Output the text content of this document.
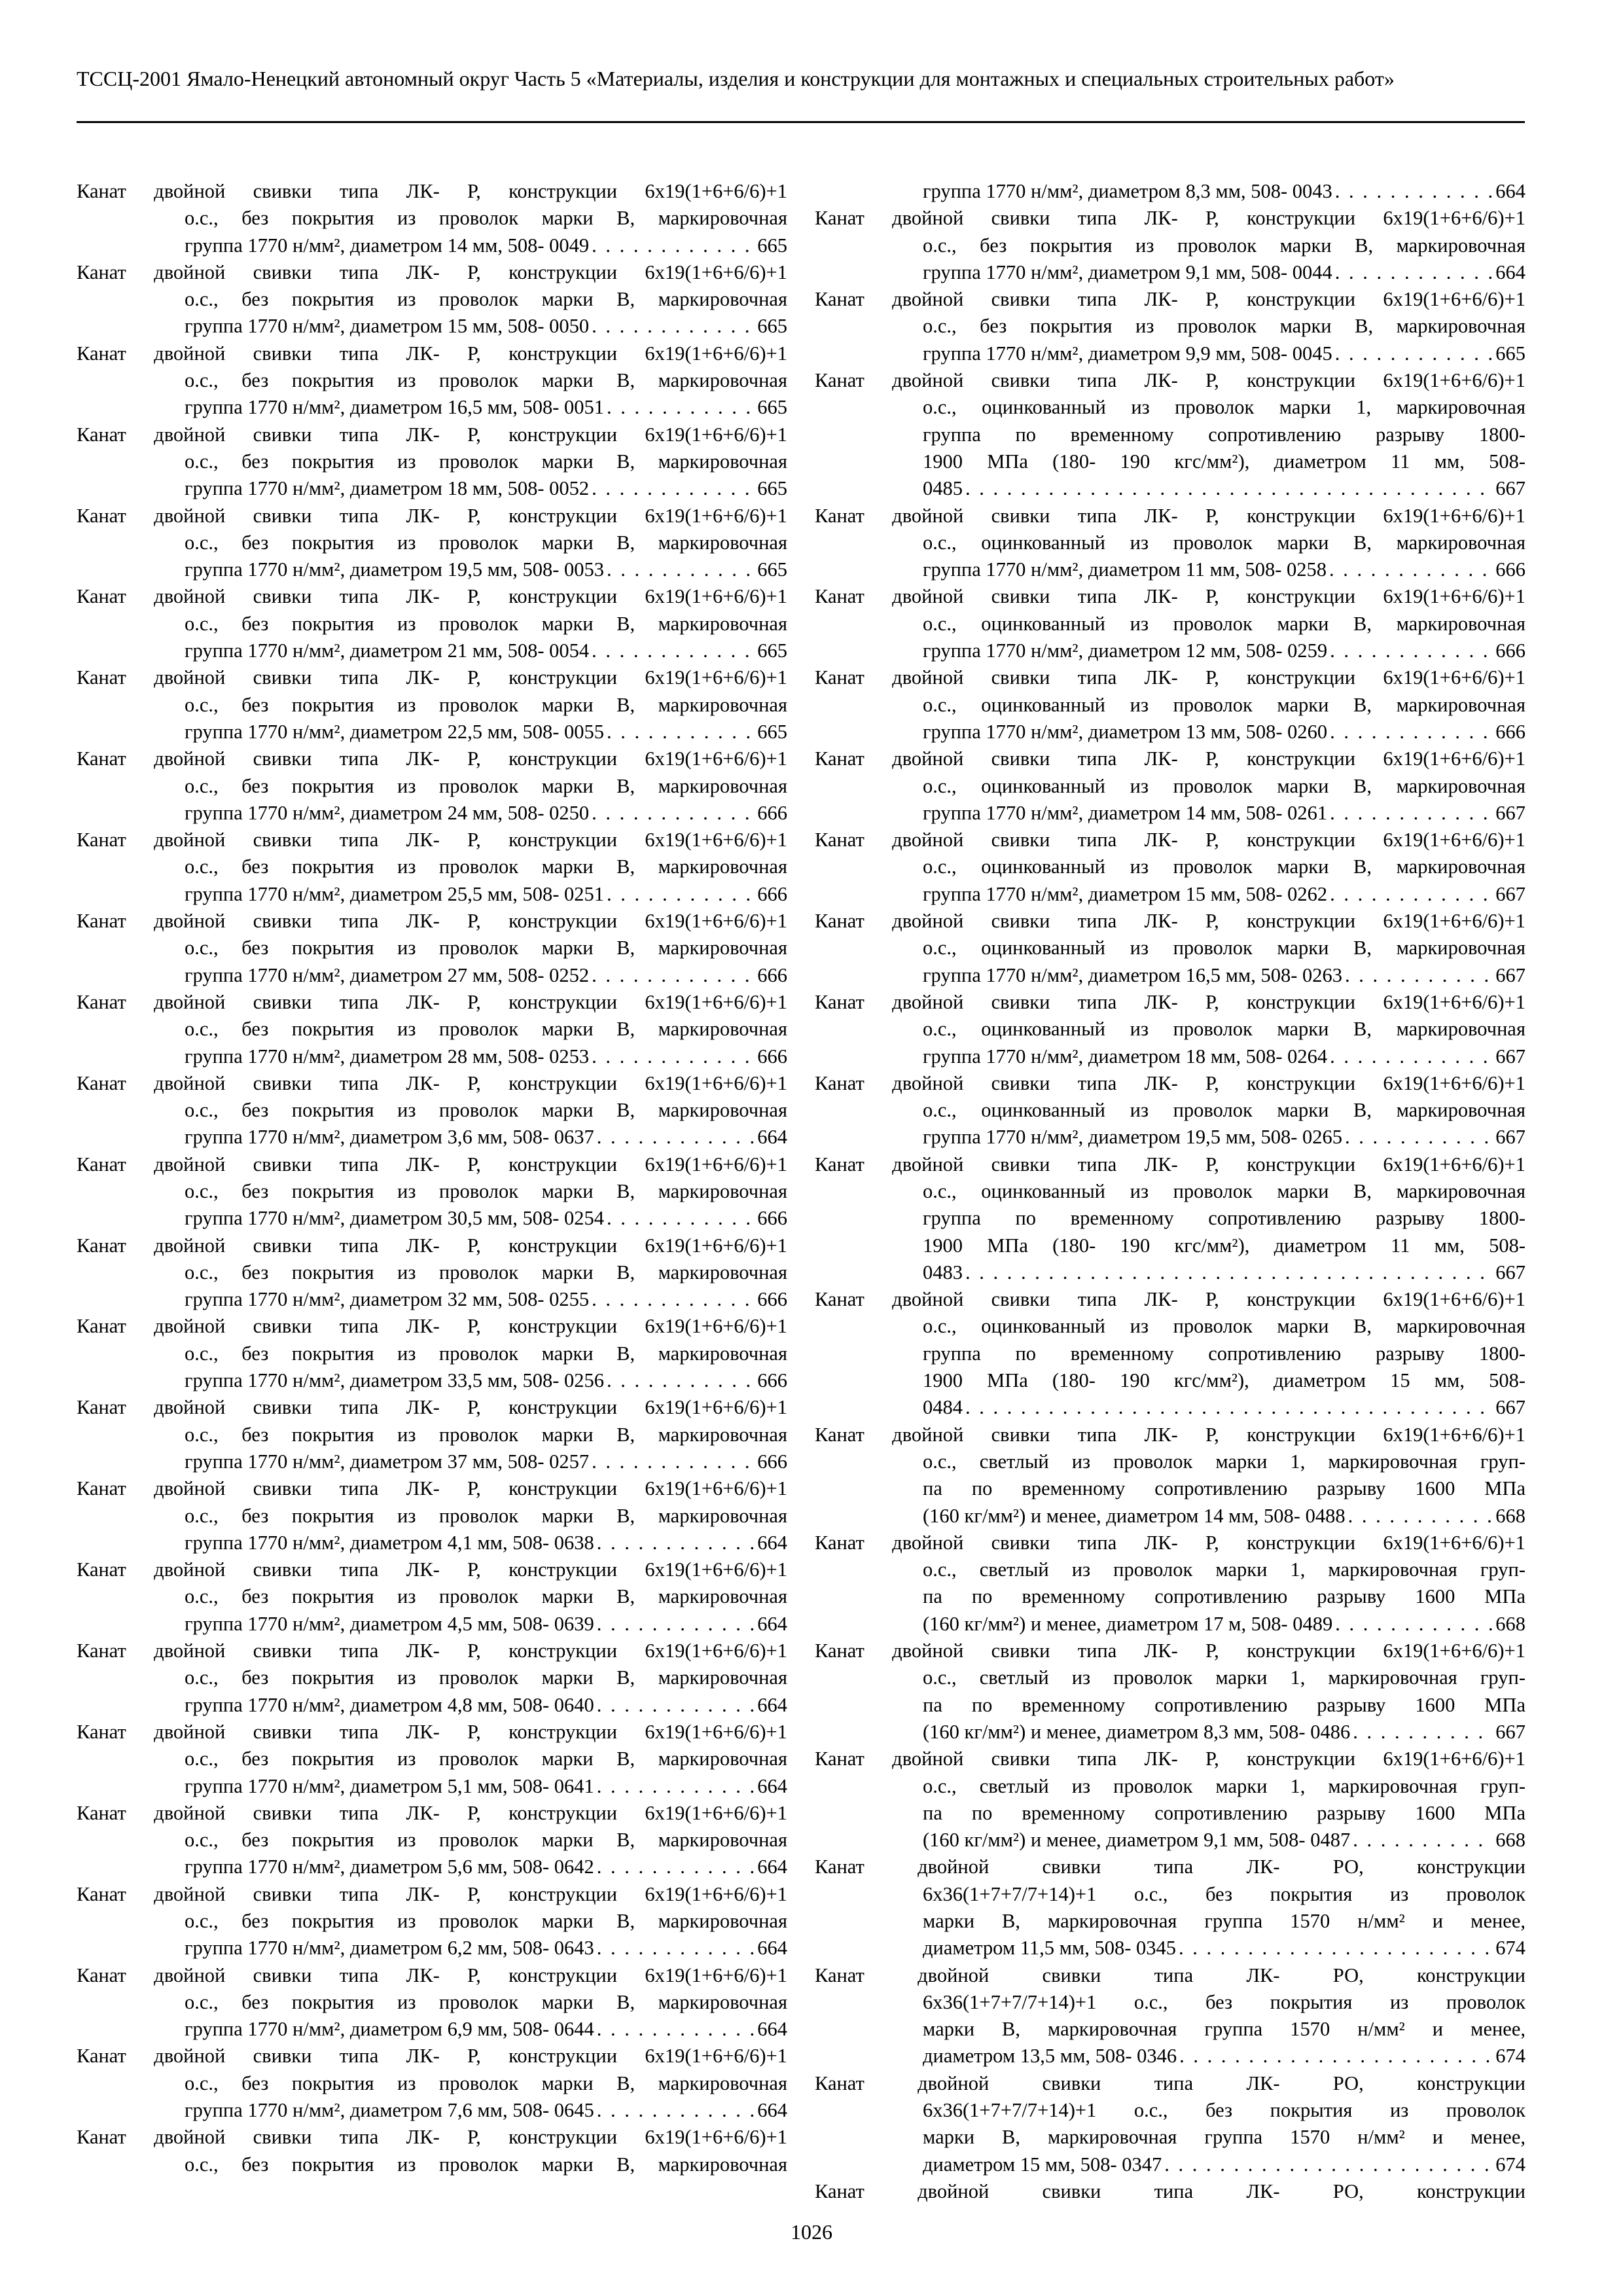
ТССЦ-2001 Ямало-Ненецкий автономный округ Часть 5 «Материалы, изделия и конструкции для монтажных и специальных строительных работ»
Канат двойной свивки типа ЛК- Р, конструкции 6х19(1+6+6/6)+1
о.с., без покрытия из проволок марки В, маркировочная
группа 1770 н/мм², диаметром 14 мм, 508- 0049 . . .	665
Канат двойной свивки типа ЛК- Р, конструкции 6х19(1+6+6/6)+1
о.с., без покрытия из проволок марки В, маркировочная
группа 1770 н/мм², диаметром 15 мм, 508- 0050 . . .	665
Канат двойной свивки типа ЛК- Р, конструкции 6х19(1+6+6/6)+1
о.с., без покрытия из проволок марки В, маркировочная
группа 1770 н/мм², диаметром 16,5 мм, 508- 0051 . . .	665
Канат двойной свивки типа ЛК- Р, конструкции 6х19(1+6+6/6)+1
о.с., без покрытия из проволок марки В, маркировочная
группа 1770 н/мм², диаметром 18 мм, 508- 0052 . . .	665
Канат двойной свивки типа ЛК- Р, конструкции 6х19(1+6+6/6)+1
о.с., без покрытия из проволок марки В, маркировочная
группа 1770 н/мм², диаметром 19,5 мм, 508- 0053 . . .	665
Канат двойной свивки типа ЛК- Р, конструкции 6х19(1+6+6/6)+1
о.с., без покрытия из проволок марки В, маркировочная
группа 1770 н/мм², диаметром 21 мм, 508- 0054 . . .	665
Канат двойной свивки типа ЛК- Р, конструкции 6х19(1+6+6/6)+1
о.с., без покрытия из проволок марки В, маркировочная
группа 1770 н/мм², диаметром 22,5 мм, 508- 0055 . . .	665
Канат двойной свивки типа ЛК- Р, конструкции 6х19(1+6+6/6)+1
о.с., без покрытия из проволок марки В, маркировочная
группа 1770 н/мм², диаметром 24 мм, 508- 0250 . . .	666
Канат двойной свивки типа ЛК- Р, конструкции 6х19(1+6+6/6)+1
о.с., без покрытия из проволок марки В, маркировочная
группа 1770 н/мм², диаметром 25,5 мм, 508- 0251 . . .	666
Канат двойной свивки типа ЛК- Р, конструкции 6х19(1+6+6/6)+1
о.с., без покрытия из проволок марки В, маркировочная
группа 1770 н/мм², диаметром 27 мм, 508- 0252 . . .	666
Канат двойной свивки типа ЛК- Р, конструкции 6х19(1+6+6/6)+1
о.с., без покрытия из проволок марки В, маркировочная
группа 1770 н/мм², диаметром 28 мм, 508- 0253 . . .	666
Канат двойной свивки типа ЛК- Р, конструкции 6х19(1+6+6/6)+1
о.с., без покрытия из проволок марки В, маркировочная
группа 1770 н/мм², диаметром 3,6 мм, 508- 0637 . . .	664
Канат двойной свивки типа ЛК- Р, конструкции 6х19(1+6+6/6)+1
о.с., без покрытия из проволок марки В, маркировочная
группа 1770 н/мм², диаметром 30,5 мм, 508- 0254 . . .	666
Канат двойной свивки типа ЛК- Р, конструкции 6х19(1+6+6/6)+1
о.с., без покрытия из проволок марки В, маркировочная
группа 1770 н/мм², диаметром 32 мм, 508- 0255 . . .	666
Канат двойной свивки типа ЛК- Р, конструкции 6х19(1+6+6/6)+1
о.с., без покрытия из проволок марки В, маркировочная
группа 1770 н/мм², диаметром 33,5 мм, 508- 0256 . . .	666
Канат двойной свивки типа ЛК- Р, конструкции 6х19(1+6+6/6)+1
о.с., без покрытия из проволок марки В, маркировочная
группа 1770 н/мм², диаметром 37 мм, 508- 0257 . . .	666
Канат двойной свивки типа ЛК- Р, конструкции 6х19(1+6+6/6)+1
о.с., без покрытия из проволок марки В, маркировочная
группа 1770 н/мм², диаметром 4,1 мм, 508- 0638 . . .	664
Канат двойной свивки типа ЛК- Р, конструкции 6х19(1+6+6/6)+1
о.с., без покрытия из проволок марки В, маркировочная
группа 1770 н/мм², диаметром 4,5 мм, 508- 0639 . . .	664
Канат двойной свивки типа ЛК- Р, конструкции 6х19(1+6+6/6)+1
о.с., без покрытия из проволок марки В, маркировочная
группа 1770 н/мм², диаметром 4,8 мм, 508- 0640 . . .	664
Канат двойной свивки типа ЛК- Р, конструкции 6х19(1+6+6/6)+1
о.с., без покрытия из проволок марки В, маркировочная
группа 1770 н/мм², диаметром 5,1 мм, 508- 0641 . . .	664
Канат двойной свивки типа ЛК- Р, конструкции 6х19(1+6+6/6)+1
о.с., без покрытия из проволок марки В, маркировочная
группа 1770 н/мм², диаметром 5,6 мм, 508- 0642 . . .	664
Канат двойной свивки типа ЛК- Р, конструкции 6х19(1+6+6/6)+1
о.с., без покрытия из проволок марки В, маркировочная
группа 1770 н/мм², диаметром 6,2 мм, 508- 0643 . . .	664
Канат двойной свивки типа ЛК- Р, конструкции 6х19(1+6+6/6)+1
о.с., без покрытия из проволок марки В, маркировочная
группа 1770 н/мм², диаметром 6,9 мм, 508- 0644 . . .	664
Канат двойной свивки типа ЛК- Р, конструкции 6х19(1+6+6/6)+1
о.с., без покрытия из проволок марки В, маркировочная
группа 1770 н/мм², диаметром 7,6 мм, 508- 0645 . . .	664
Канат двойной свивки типа ЛК- Р, конструкции 6х19(1+6+6/6)+1
о.с., без покрытия из проволок марки В, маркировочная
группа 1770 н/мм², диаметром 8,3 мм, 508- 0043 . . .	664
Канат двойной свивки типа ЛК- Р, конструкции 6х19(1+6+6/6)+1
о.с., без покрытия из проволок марки В, маркировочная
группа 1770 н/мм², диаметром 9,1 мм, 508- 0044 . . .	664
Канат двойной свивки типа ЛК- Р, конструкции 6х19(1+6+6/6)+1
о.с., без покрытия из проволок марки В, маркировочная
группа 1770 н/мм², диаметром 9,9 мм, 508- 0045 . . .	665
Канат двойной свивки типа ЛК- Р, конструкции 6х19(1+6+6/6)+1
о.с., оцинкованный из проволок марки 1, маркировочная
группа по временному сопротивлению разрыву 1800-
1900 МПа (180- 190 кгс/мм²), диаметром 11 мм, 508-
0485 . . .	667
Канат двойной свивки типа ЛК- Р, конструкции 6х19(1+6+6/6)+1
о.с., оцинкованный из проволок марки В, маркировочная
группа 1770 н/мм², диаметром 11 мм, 508- 0258 . . .	666
Канат двойной свивки типа ЛК- Р, конструкции 6х19(1+6+6/6)+1
о.с., оцинкованный из проволок марки В, маркировочная
группа 1770 н/мм², диаметром 12 мм, 508- 0259 . . .	666
Канат двойной свивки типа ЛК- Р, конструкции 6х19(1+6+6/6)+1
о.с., оцинкованный из проволок марки В, маркировочная
группа 1770 н/мм², диаметром 13 мм, 508- 0260 . . .	666
Канат двойной свивки типа ЛК- Р, конструкции 6х19(1+6+6/6)+1
о.с., оцинкованный из проволок марки В, маркировочная
группа 1770 н/мм², диаметром 14 мм, 508- 0261 . . .	667
Канат двойной свивки типа ЛК- Р, конструкции 6х19(1+6+6/6)+1
о.с., оцинкованный из проволок марки В, маркировочная
группа 1770 н/мм², диаметром 15 мм, 508- 0262 . . .	667
Канат двойной свивки типа ЛК- Р, конструкции 6х19(1+6+6/6)+1
о.с., оцинкованный из проволок марки В, маркировочная
группа 1770 н/мм², диаметром 16,5 мм, 508- 0263 . . .	667
Канат двойной свивки типа ЛК- Р, конструкции 6х19(1+6+6/6)+1
о.с., оцинкованный из проволок марки В, маркировочная
группа 1770 н/мм², диаметром 18 мм, 508- 0264 . . .	667
Канат двойной свивки типа ЛК- Р, конструкции 6х19(1+6+6/6)+1
о.с., оцинкованный из проволок марки В, маркировочная
группа 1770 н/мм², диаметром 19,5 мм, 508- 0265 . . .	667
Канат двойной свивки типа ЛК- Р, конструкции 6х19(1+6+6/6)+1
о.с., оцинкованный из проволок марки В, маркировочная
группа по временному сопротивлению разрыву 1800-
1900 МПа (180- 190 кгс/мм²), диаметром 11 мм, 508-
0483 . . .	667
Канат двойной свивки типа ЛК- Р, конструкции 6х19(1+6+6/6)+1
о.с., оцинкованный из проволок марки В, маркировочная
группа по временному сопротивлению разрыву 1800-
1900 МПа (180- 190 кгс/мм²), диаметром 15 мм, 508-
0484 . . .	667
Канат двойной свивки типа ЛК- Р, конструкции 6х19(1+6+6/6)+1
о.с., светлый из проволок марки 1, маркировочная груп-
па по временному сопротивлению разрыву 1600 МПа
(160 кг/мм²) и менее, диаметром 14 мм, 508- 0488 . . .	668
Канат двойной свивки типа ЛК- Р, конструкции 6х19(1+6+6/6)+1
о.с., светлый из проволок марки 1, маркировочная груп-
па по временному сопротивлению разрыву 1600 МПа
(160 кг/мм²) и менее, диаметром 17 м, 508- 0489 . . .	668
Канат двойной свивки типа ЛК- Р, конструкции 6х19(1+6+6/6)+1
о.с., светлый из проволок марки 1, маркировочная груп-
па по временному сопротивлению разрыву 1600 МПа
(160 кг/мм²) и менее, диаметром 8,3 мм, 508- 0486 . . .	667
Канат двойной свивки типа ЛК- Р, конструкции 6х19(1+6+6/6)+1
о.с., светлый из проволок марки 1, маркировочная груп-
па по временному сопротивлению разрыву 1600 МПа
(160 кг/мм²) и менее, диаметром 9,1 мм, 508- 0487 . . .	668
Канат двойной свивки типа ЛК- РО, конструкции
6х36(1+7+7/7+14)+1 о.с., без покрытия из проволок
марки В, маркировочная группа 1570 н/мм² и менее,
диаметром 11,5 мм, 508- 0345 . . .	674
Канат двойной свивки типа ЛК- РО, конструкции
6х36(1+7+7/7+14)+1 о.с., без покрытия из проволок
марки В, маркировочная группа 1570 н/мм² и менее,
диаметром 13,5 мм, 508- 0346 . . .	674
Канат двойной свивки типа ЛК- РО, конструкции
6х36(1+7+7/7+14)+1 о.с., без покрытия из проволок
марки В, маркировочная группа 1570 н/мм² и менее,
диаметром 15 мм, 508- 0347 . . .	674
Канат двойной свивки типа ЛК- РО, конструкции
1026
